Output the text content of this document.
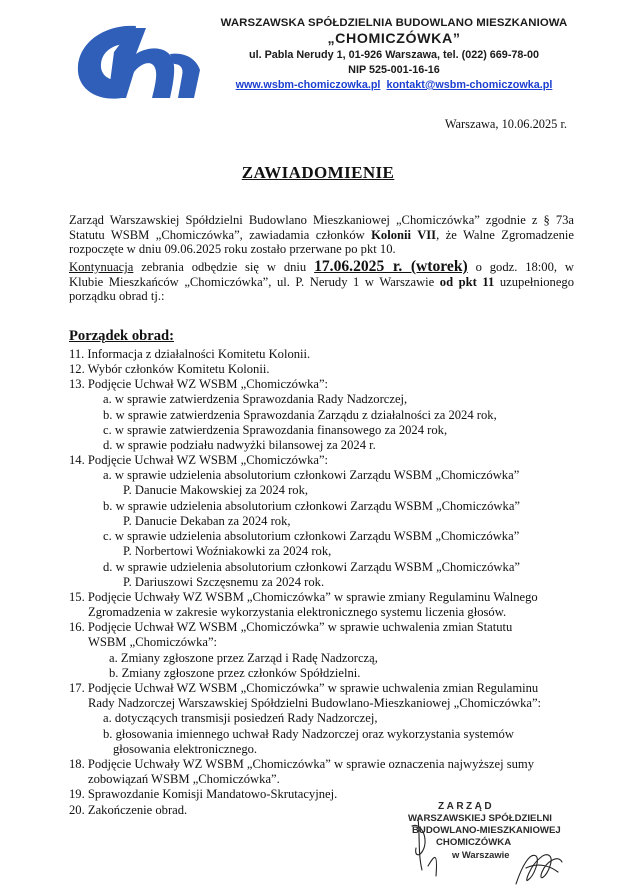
WARSZAWSKA SPÓŁDZIELNIA BUDOWLANO MIESZKANIOWA
„CHOMICZÓWKA”
ul. Pabla Nerudy 1, 01-926 Warszawa, tel. (022) 669-78-00
NIP 525-001-16-16
www.wsbm-chomiczowka.pl kontakt@wsbm-chomiczowka.pl
Warszawa, 10.06.2025 r.
ZAWIADOMIENIE
Zarząd Warszawskiej Spółdzielni Budowlano Mieszkaniowej „Chomiczówka” zgodnie z § 73a
Statutu WSBM „Chomiczówka”, zawiadamia członków Kolonii VII, że Walne Zgromadzenie
rozpoczęte w dniu 09.06.2025 roku zostało przerwane po pkt 10.
Kontynuacja zebrania odbędzie się w dniu 17.06.2025 r. (wtorek) o godz. 18:00, w
Klubie Mieszkańców „Chomiczówka”, ul. P. Nerudy 1 w Warszawie od pkt 11 uzupełnionego
porządku obrad tj.:
Porządek obrad:
11. Informacja z działalności Komitetu Kolonii.
12. Wybór członków Komitetu Kolonii.
13. Podjęcie Uchwał WZ WSBM „Chomiczówka”:
a. w sprawie zatwierdzenia Sprawozdania Rady Nadzorczej,
b. w sprawie zatwierdzenia Sprawozdania Zarządu z działalności za 2024 rok,
c. w sprawie zatwierdzenia Sprawozdania finansowego za 2024 rok,
d. w sprawie podziału nadwyżki bilansowej za 2024 r.
14. Podjęcie Uchwał WZ WSBM „Chomiczówka”:
a. w sprawie udzielenia absolutorium członkowi Zarządu WSBM „Chomiczówka”
P. Danucie Makowskiej za 2024 rok,
b. w sprawie udzielenia absolutorium członkowi Zarządu WSBM „Chomiczówka”
P. Danucie Dekaban za 2024 rok,
c. w sprawie udzielenia absolutorium członkowi Zarządu WSBM „Chomiczówka”
P. Norbertowi Woźniakowki za 2024 rok,
d. w sprawie udzielenia absolutorium członkowi Zarządu WSBM „Chomiczówka”
P. Dariuszowi Szczęsnemu za 2024 rok.
15. Podjęcie Uchwały WZ WSBM „Chomiczówka” w sprawie zmiany Regulaminu Walnego
Zgromadzenia w zakresie wykorzystania elektronicznego systemu liczenia głosów.
16. Podjęcie Uchwał WZ WSBM „Chomiczówka” w sprawie uchwalenia zmian Statutu
WSBM „Chomiczówka”:
a. Zmiany zgłoszone przez Zarząd i Radę Nadzorczą,
b. Zmiany zgłoszone przez członków Spółdzielni.
17. Podjęcie Uchwał WZ WSBM „Chomiczówka” w sprawie uchwalenia zmian Regulaminu
Rady Nadzorczej Warszawskiej Spółdzielni Budowlano-Mieszkaniowej „Chomiczówka”:
a. dotyczących transmisji posiedzeń Rady Nadzorczej,
b. głosowania imiennego uchwał Rady Nadzorczej oraz wykorzystania systemów
głosowania elektronicznego.
18. Podjęcie Uchwały WZ WSBM „Chomiczówka” w sprawie oznaczenia najwyższej sumy
zobowiązań WSBM „Chomiczówka”.
19. Sprawozdanie Komisji Mandatowo-Skrutacyjnej.
20. Zakończenie obrad.	ZARZĄD
WARSZAWSKIEJ SPÓŁDZIELNI
BUDOWLANO-MIESZKANIOWEJ
CHOMICZÓWKA
w Warszawie
